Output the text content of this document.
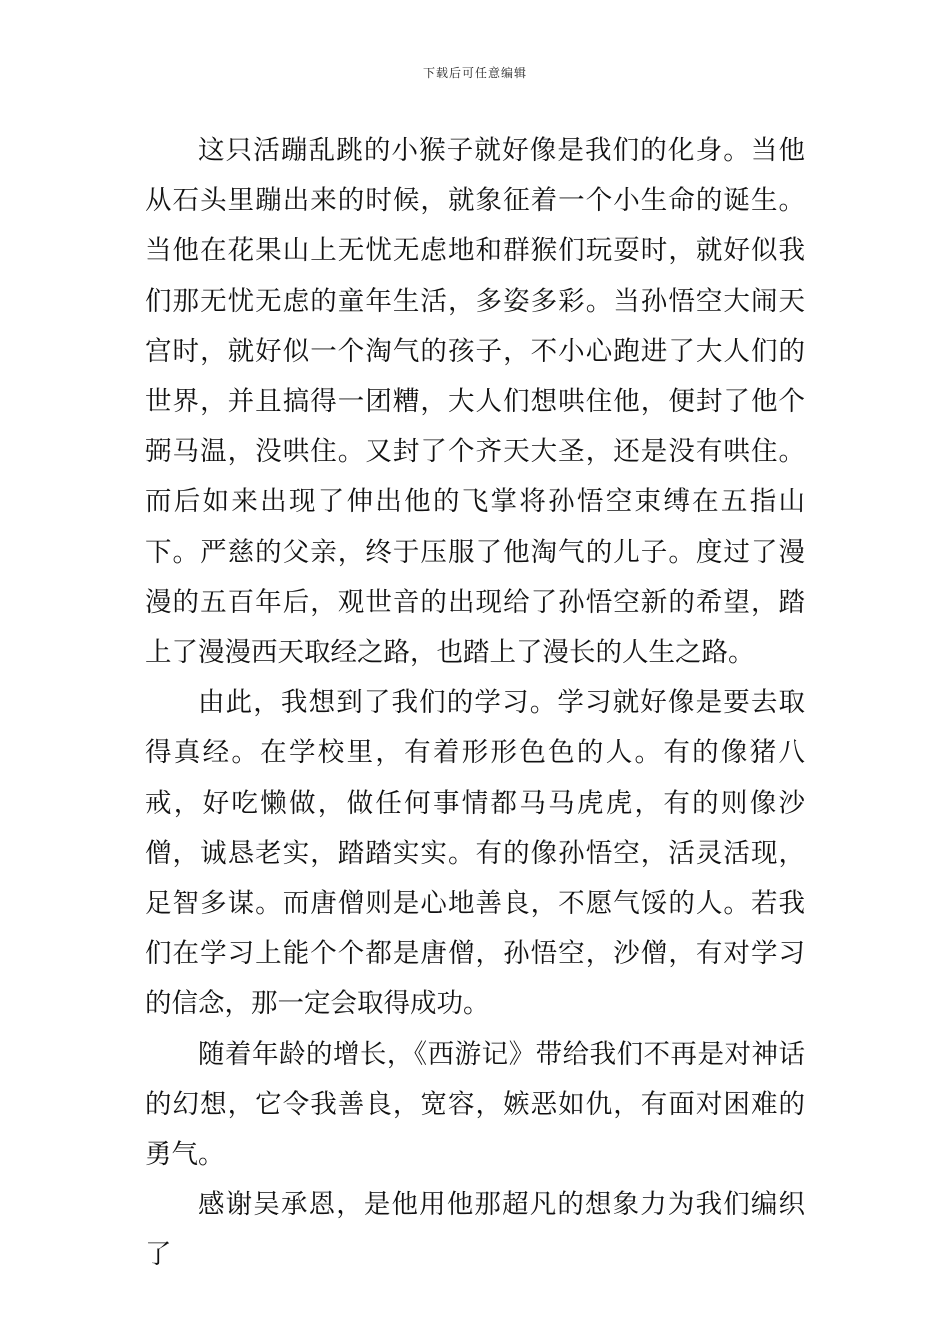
下载后可任意编辑

这只活蹦乱跳的小猴子就好像是我们的化身。当他从石头里蹦出来的时候，就象征着一个小生命的诞生。当他在花果山上无忧无虑地和群猴们玩耍时，就好似我们那无忧无虑的童年生活，多姿多彩。当孙悟空大闹天宫时，就好似一个淘气的孩子，不小心跑进了大人们的世界，并且搞得一团糟，大人们想哄住他，便封了他个弼马温，没哄住。又封了个齐天大圣，还是没有哄住。而后如来出现了伸出他的飞掌将孙悟空束缚在五指山下。严慈的父亲，终于压服了他淘气的儿子。度过了漫漫的五百年后，观世音的出现给了孙悟空新的希望，踏上了漫漫西天取经之路，也踏上了漫长的人生之路。

由此，我想到了我们的学习。学习就好像是要去取得真经。在学校里，有着形形色色的人。有的像猪八戒，好吃懒做，做任何事情都马马虎虎，有的则像沙僧，诚恳老实，踏踏实实。有的像孙悟空，活灵活现，足智多谋。而唐僧则是心地善良，不愿气馁的人。若我们在学习上能个个都是唐僧，孙悟空，沙僧，有对学习的信念，那一定会取得成功。

随着年龄的增长，《西游记》带给我们不再是对神话的幻想，它令我善良，宽容，嫉恶如仇，有面对困难的勇气。

感谢吴承恩，是他用他那超凡的想象力为我们编织了
